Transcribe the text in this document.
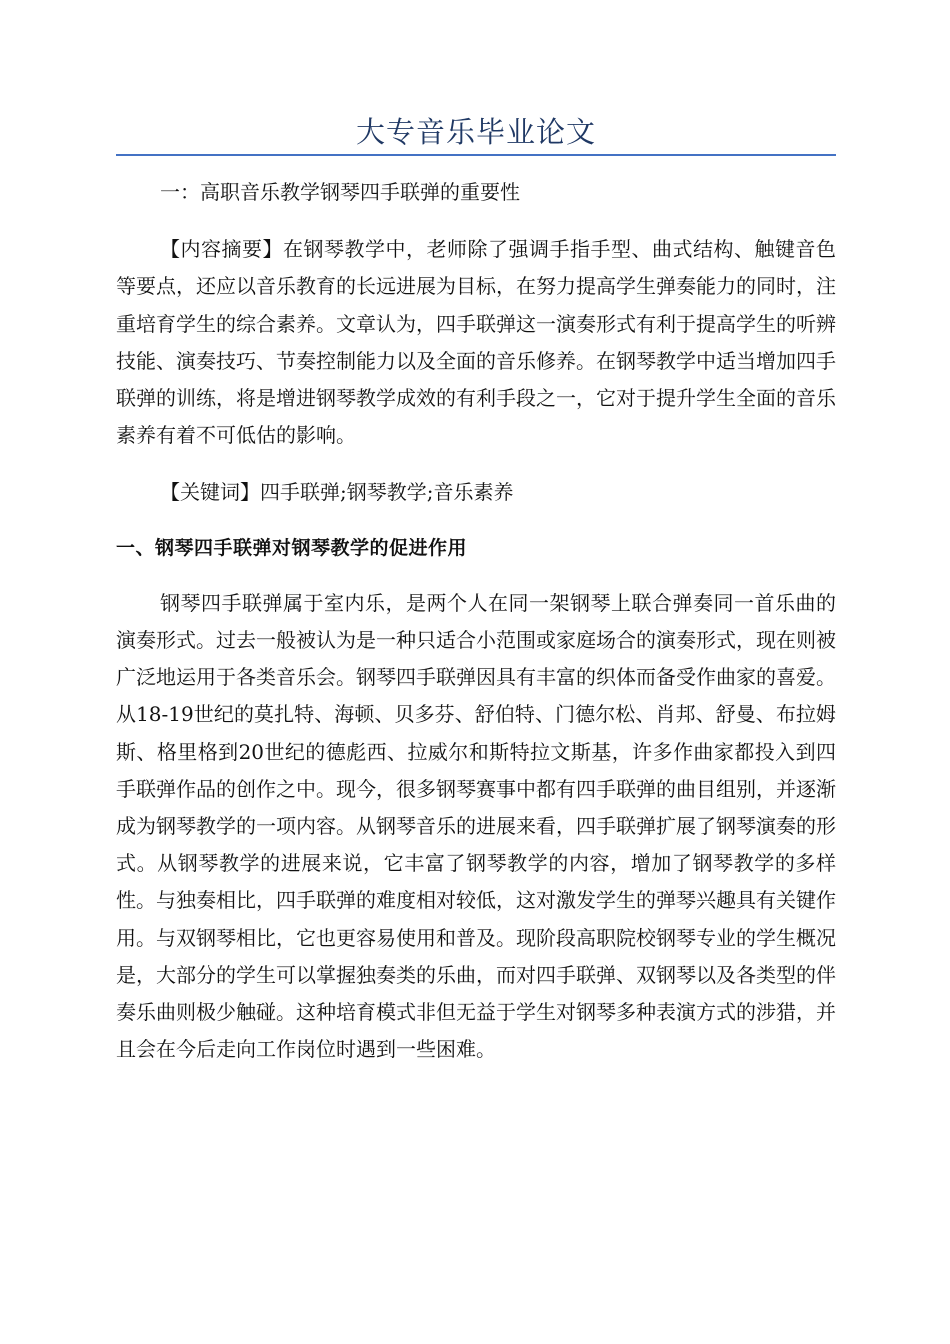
大专音乐毕业论文

一：高职音乐教学钢琴四手联弹的重要性

【内容摘要】在钢琴教学中，老师除了强调手指手型、曲式结构、触键音色等要点，还应以音乐教育的长远进展为目标，在努力提高学生弹奏能力的同时，注重培育学生的综合素养。文章认为，四手联弹这一演奏形式有利于提高学生的听辨技能、演奏技巧、节奏控制能力以及全面的音乐修养。在钢琴教学中适当增加四手联弹的训练，将是增进钢琴教学成效的有利手段之一，它对于提升学生全面的音乐素养有着不可低估的影响。

【关键词】四手联弹;钢琴教学;音乐素养

一、钢琴四手联弹对钢琴教学的促进作用

钢琴四手联弹属于室内乐，是两个人在同一架钢琴上联合弹奏同一首乐曲的演奏形式。过去一般被认为是一种只适合小范围或家庭场合的演奏形式，现在则被广泛地运用于各类音乐会。钢琴四手联弹因具有丰富的织体而备受作曲家的喜爱。从18-19世纪的莫扎特、海顿、贝多芬、舒伯特、门德尔松、肖邦、舒曼、布拉姆斯、格里格到20世纪的德彪西、拉威尔和斯特拉文斯基，许多作曲家都投入到四手联弹作品的创作之中。现今，很多钢琴赛事中都有四手联弹的曲目组别，并逐渐成为钢琴教学的一项内容。从钢琴音乐的进展来看，四手联弹扩展了钢琴演奏的形式。从钢琴教学的进展来说，它丰富了钢琴教学的内容，增加了钢琴教学的多样性。与独奏相比，四手联弹的难度相对较低，这对激发学生的弹琴兴趣具有关键作用。与双钢琴相比，它也更容易使用和普及。现阶段高职院校钢琴专业的学生概况是，大部分的学生可以掌握独奏类的乐曲，而对四手联弹、双钢琴以及各类型的伴奏乐曲则极少触碰。这种培育模式非但无益于学生对钢琴多种表演方式的涉猎，并且会在今后走向工作岗位时遇到一些困难。
